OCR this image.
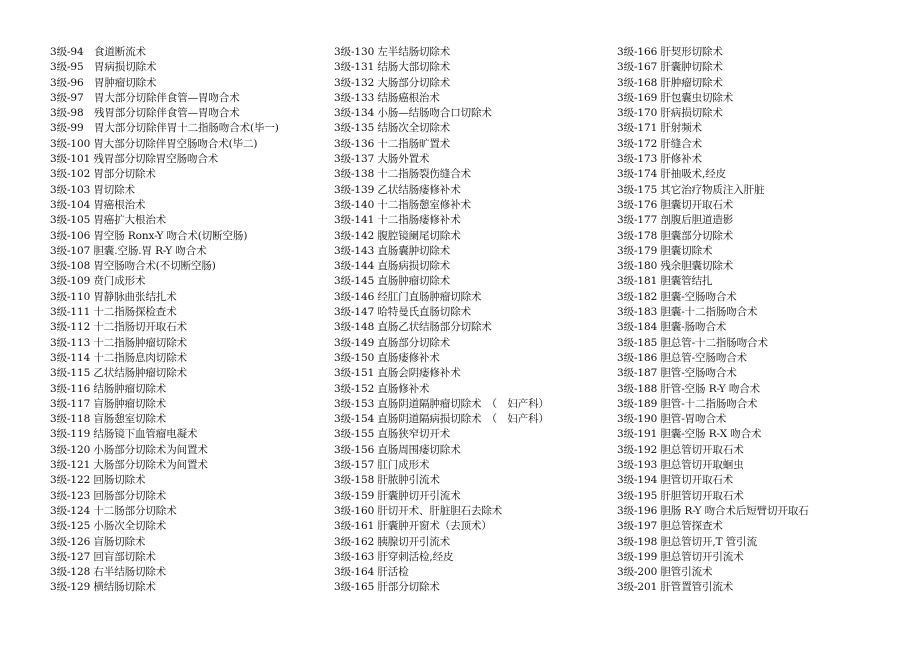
3级-94　食道断流术
3级-95　胃病损切除术
3级-96　胃肿瘤切除术
3级-97　胃大部分切除伴食管—胃吻合术
3级-98　残胃部分切除伴食管—胃吻合术
3级-99　胃大部分切除伴胃十二指肠吻合术(毕一)
3级-100 胃大部分切除伴胃空肠吻合术(毕二)
3级-101 残胃部分切除胃空肠吻合术
3级-102 胃部分切除术
3级-103 胃切除术
3级-104 胃癌根治术
3级-105 胃癌扩大根治术
3级-106 胃空肠 Ronx-Y 吻合术(切断空肠)
3级-107 胆囊.空肠.胃 R-Y 吻合术
3级-108 胃空肠吻合术(不切断空肠)
3级-109 贲门成形术
3级-110 胃静脉曲张结扎术
3级-111 十二指肠探检查术
3级-112 十二指肠切开取石术
3级-113 十二指肠肿瘤切除术
3级-114 十二指肠息肉切除术
3级-115 乙状结肠肿瘤切除术
3级-116 结肠肿瘤切除术
3级-117 盲肠肿瘤切除术
3级-118 盲肠憩室切除术
3级-119 结肠镜下血管瘤电凝术
3级-120 小肠部分切除术为间置术
3级-121 大肠部分切除术为间置术
3级-122 回肠切除术
3级-123 回肠部分切除术
3级-124 十二肠部分切除术
3级-125 小肠次全切除术
3级-126 盲肠切除术
3级-127 回盲部切除术
3级-128 右半结肠切除术
3级-129 横结肠切除术
3级-130 左半结肠切除术
3级-131 结肠大部切除术
3级-132 大肠部分切除术
3级-133 结肠癌根治术
3级-134 小肠—结肠吻合口切除术
3级-135 结肠次全切除术
3级-136 十二指肠旷置术
3级-137 大肠外置术
3级-138 十二指肠裂伤缝合术
3级-139 乙状结肠瘘修补术
3级-140 十二指肠憩室修补术
3级-141 十二指肠瘘修补术
3级-142 腹腔镜阑尾切除术
3级-143 直肠囊肿切除术
3级-144 直肠病损切除术
3级-145 直肠肿瘤切除术
3级-146 经肛门直肠肿瘤切除术
3级-147 哈特曼氏直肠切除术
3级-148 直肠乙状结肠部分切除术
3级-149 直肠部分切除术
3级-150 直肠瘘修补术
3级-151 直肠会阴瘘修补术
3级-152 直肠修补术
3级-153 直肠阴道隔肿瘤切除术　（　妇产科）
3级-154 直肠阴道隔病损切除术　（　妇产科）
3级-155 直肠狭窄切开术
3级-156 直肠周围瘘切除术
3级-157 肛门成形术
3级-158 肝脓肿引流术
3级-159 肝囊肿切开引流术
3级-160 肝切开术、肝脏胆石去除术
3级-161 肝囊肿开窗术（去顶术）
3级-162 胰腺切开引流术
3级-163 肝穿刺活检,经皮
3级-164 肝活检
3级-165 肝部分切除术
3级-166 肝契形切除术
3级-167 肝囊肿切除术
3级-168 肝肿瘤切除术
3级-169 肝包囊虫切除术
3级-170 肝病损切除术
3级-171 肝射频术
3级-172 肝缝合术
3级-173 肝修补术
3级-174 肝抽吸术,经皮
3级-175 其它治疗物质注入肝脏
3级-176 胆囊切开取石术
3级-177 剖腹后胆道造影
3级-178 胆囊部分切除术
3级-179 胆囊切除术
3级-180 残余胆囊切除术
3级-181 胆囊管结扎
3级-182 胆囊-空肠吻合术
3级-183 胆囊-十二指肠吻合术
3级-184 胆囊-肠吻合术
3级-185 胆总管-十二指肠吻合术
3级-186 胆总管-空肠吻合术
3级-187 胆管-空肠吻合术
3级-188 肝管-空肠 R-Y 吻合术
3级-189 胆管-十二指肠吻合术
3级-190 胆管-胃吻合术
3级-191 胆囊-空肠 R-X 吻合术
3级-192 胆总管切开取石术
3级-193 胆总管切开取蛔虫
3级-194 胆管切开取石术
3级-195 肝胆管切开取石术
3级-196 胆肠 R-Y 吻合术后短臂切开取石
3级-197 胆总管探查术
3级-198 胆总管切开,T 管引流
3级-199 胆总管切开引流术
3级-200 胆管引流术
3级-201 肝管置管引流术
